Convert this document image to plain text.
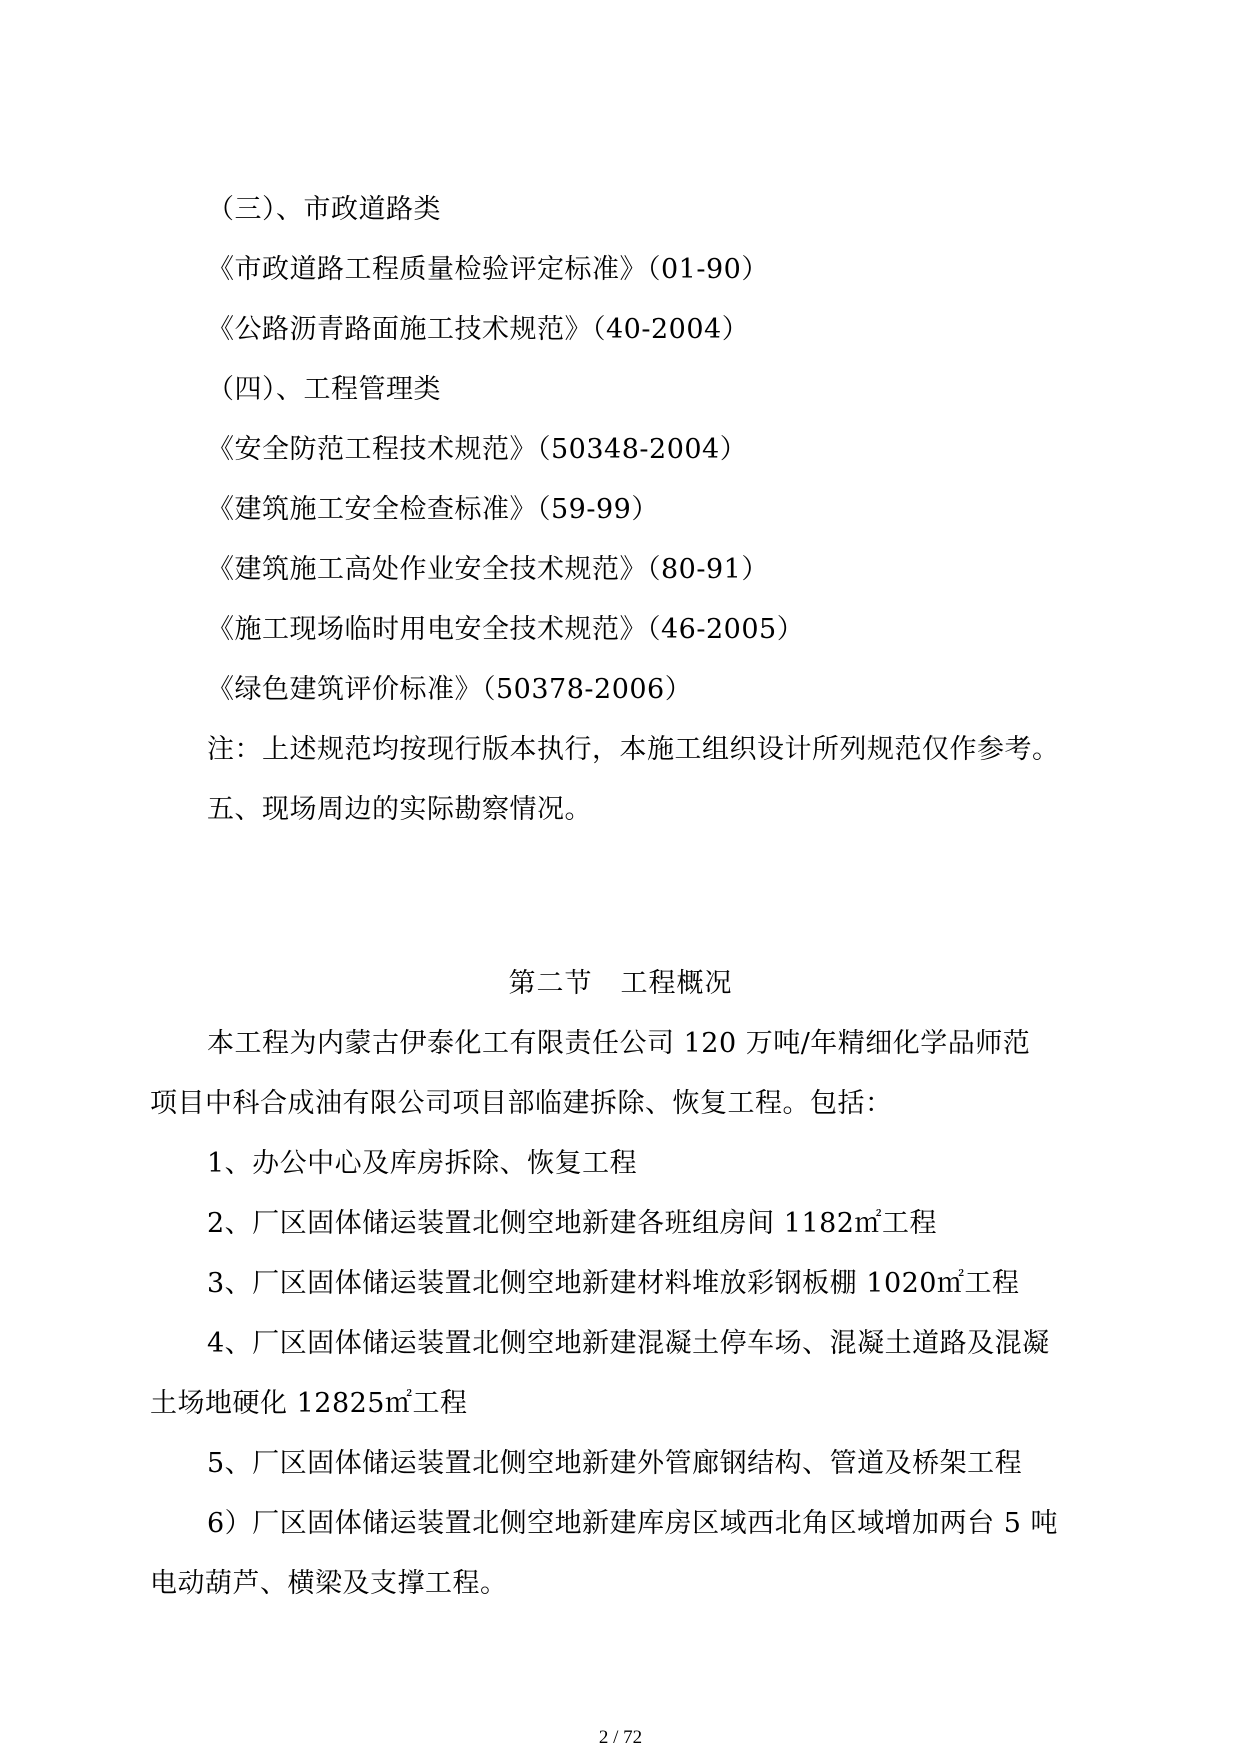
（三）、市政道路类
《市政道路工程质量检验评定标准》（01-90）
《公路沥青路面施工技术规范》（40-2004）
（四）、工程管理类
《安全防范工程技术规范》（50348-2004）
《建筑施工安全检查标准》（59-99）
《建筑施工高处作业安全技术规范》（80-91）
《施工现场临时用电安全技术规范》（46-2005）
《绿色建筑评价标准》（50378-2006）
注：上述规范均按现行版本执行，本施工组织设计所列规范仅作参考。
五、现场周边的实际勘察情况。
第二节　工程概况
本工程为内蒙古伊泰化工有限责任公司 120 万吨/年精细化学品师范
项目中科合成油有限公司项目部临建拆除、恢复工程。包括：
1、办公中心及库房拆除、恢复工程
2、厂区固体储运装置北侧空地新建各班组房间 1182㎡工程
3、厂区固体储运装置北侧空地新建材料堆放彩钢板棚 1020㎡工程
4、厂区固体储运装置北侧空地新建混凝土停车场、混凝土道路及混凝
土场地硬化 12825㎡工程
5、厂区固体储运装置北侧空地新建外管廊钢结构、管道及桥架工程
6）厂区固体储运装置北侧空地新建库房区域西北角区域增加两台 5 吨
电动葫芦、横梁及支撑工程。
2 / 72
